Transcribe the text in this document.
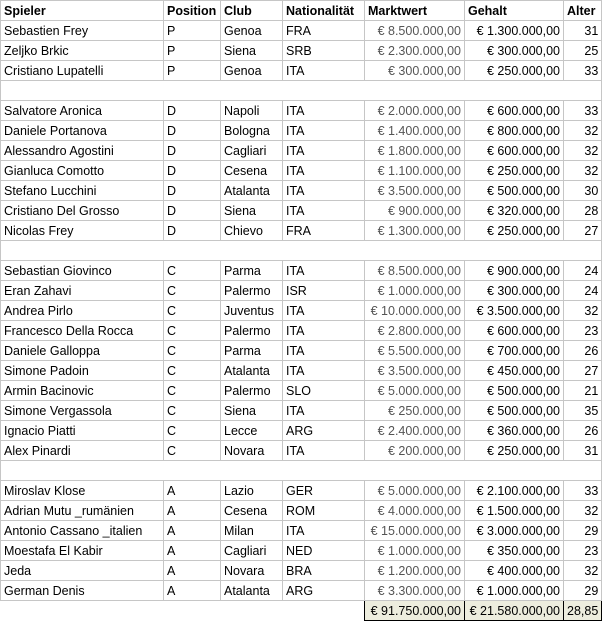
Spieler	Position	Club	Nationalität	Marktwert	Gehalt	Alter
Sebastien Frey	P	Genoa	FRA	€ 8.500.000,00	€ 1.300.000,00	31
Zeljko Brkic	P	Siena	SRB	€ 2.300.000,00	€ 300.000,00	25
Cristiano Lupatelli	P	Genoa	ITA	€ 300.000,00	€ 250.000,00	33

Salvatore Aronica	D	Napoli	ITA	€ 2.000.000,00	€ 600.000,00	33
Daniele Portanova	D	Bologna	ITA	€ 1.400.000,00	€ 800.000,00	32
Alessandro Agostini	D	Cagliari	ITA	€ 1.800.000,00	€ 600.000,00	32
Gianluca Comotto	D	Cesena	ITA	€ 1.100.000,00	€ 250.000,00	32
Stefano Lucchini	D	Atalanta	ITA	€ 3.500.000,00	€ 500.000,00	30
Cristiano Del Grosso	D	Siena	ITA	€ 900.000,00	€ 320.000,00	28
Nicolas Frey	D	Chievo	FRA	€ 1.300.000,00	€ 250.000,00	27

Sebastian Giovinco	C	Parma	ITA	€ 8.500.000,00	€ 900.000,00	24
Eran Zahavi	C	Palermo	ISR	€ 1.000.000,00	€ 300.000,00	24
Andrea Pirlo	C	Juventus	ITA	€ 10.000.000,00	€ 3.500.000,00	32
Francesco Della Rocca	C	Palermo	ITA	€ 2.800.000,00	€ 600.000,00	23
Daniele Galloppa	C	Parma	ITA	€ 5.500.000,00	€ 700.000,00	26
Simone Padoin	C	Atalanta	ITA	€ 3.500.000,00	€ 450.000,00	27
Armin Bacinovic	C	Palermo	SLO	€ 5.000.000,00	€ 500.000,00	21
Simone Vergassola	C	Siena	ITA	€ 250.000,00	€ 500.000,00	35
Ignacio Piatti	C	Lecce	ARG	€ 2.400.000,00	€ 360.000,00	26
Alex Pinardi	C	Novara	ITA	€ 200.000,00	€ 250.000,00	31

Miroslav Klose	A	Lazio	GER	€ 5.000.000,00	€ 2.100.000,00	33
Adrian Mutu _rumänien	A	Cesena	ROM	€ 4.000.000,00	€ 1.500.000,00	32
Antonio Cassano _italien	A	Milan	ITA	€ 15.000.000,00	€ 3.000.000,00	29
Moestafa El Kabir	A	Cagliari	NED	€ 1.000.000,00	€ 350.000,00	23
Jeda	A	Novara	BRA	€ 1.200.000,00	€ 400.000,00	32
German Denis	A	Atalanta	ARG	€ 3.300.000,00	€ 1.000.000,00	29
				€ 91.750.000,00	€ 21.580.000,00	28,85
